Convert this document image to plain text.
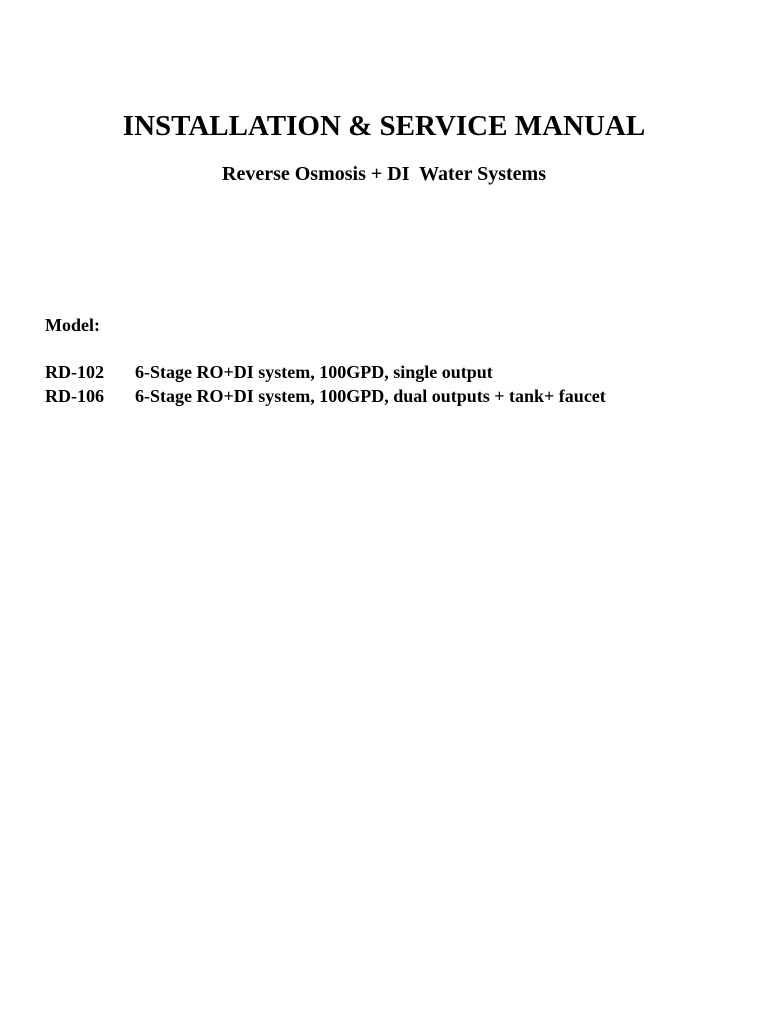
INSTALLATION & SERVICE MANUAL
Reverse Osmosis + DI  Water Systems
Model:
RD-102	6-Stage RO+DI system, 100GPD, single output
RD-106	6-Stage RO+DI system, 100GPD, dual outputs + tank+ faucet
